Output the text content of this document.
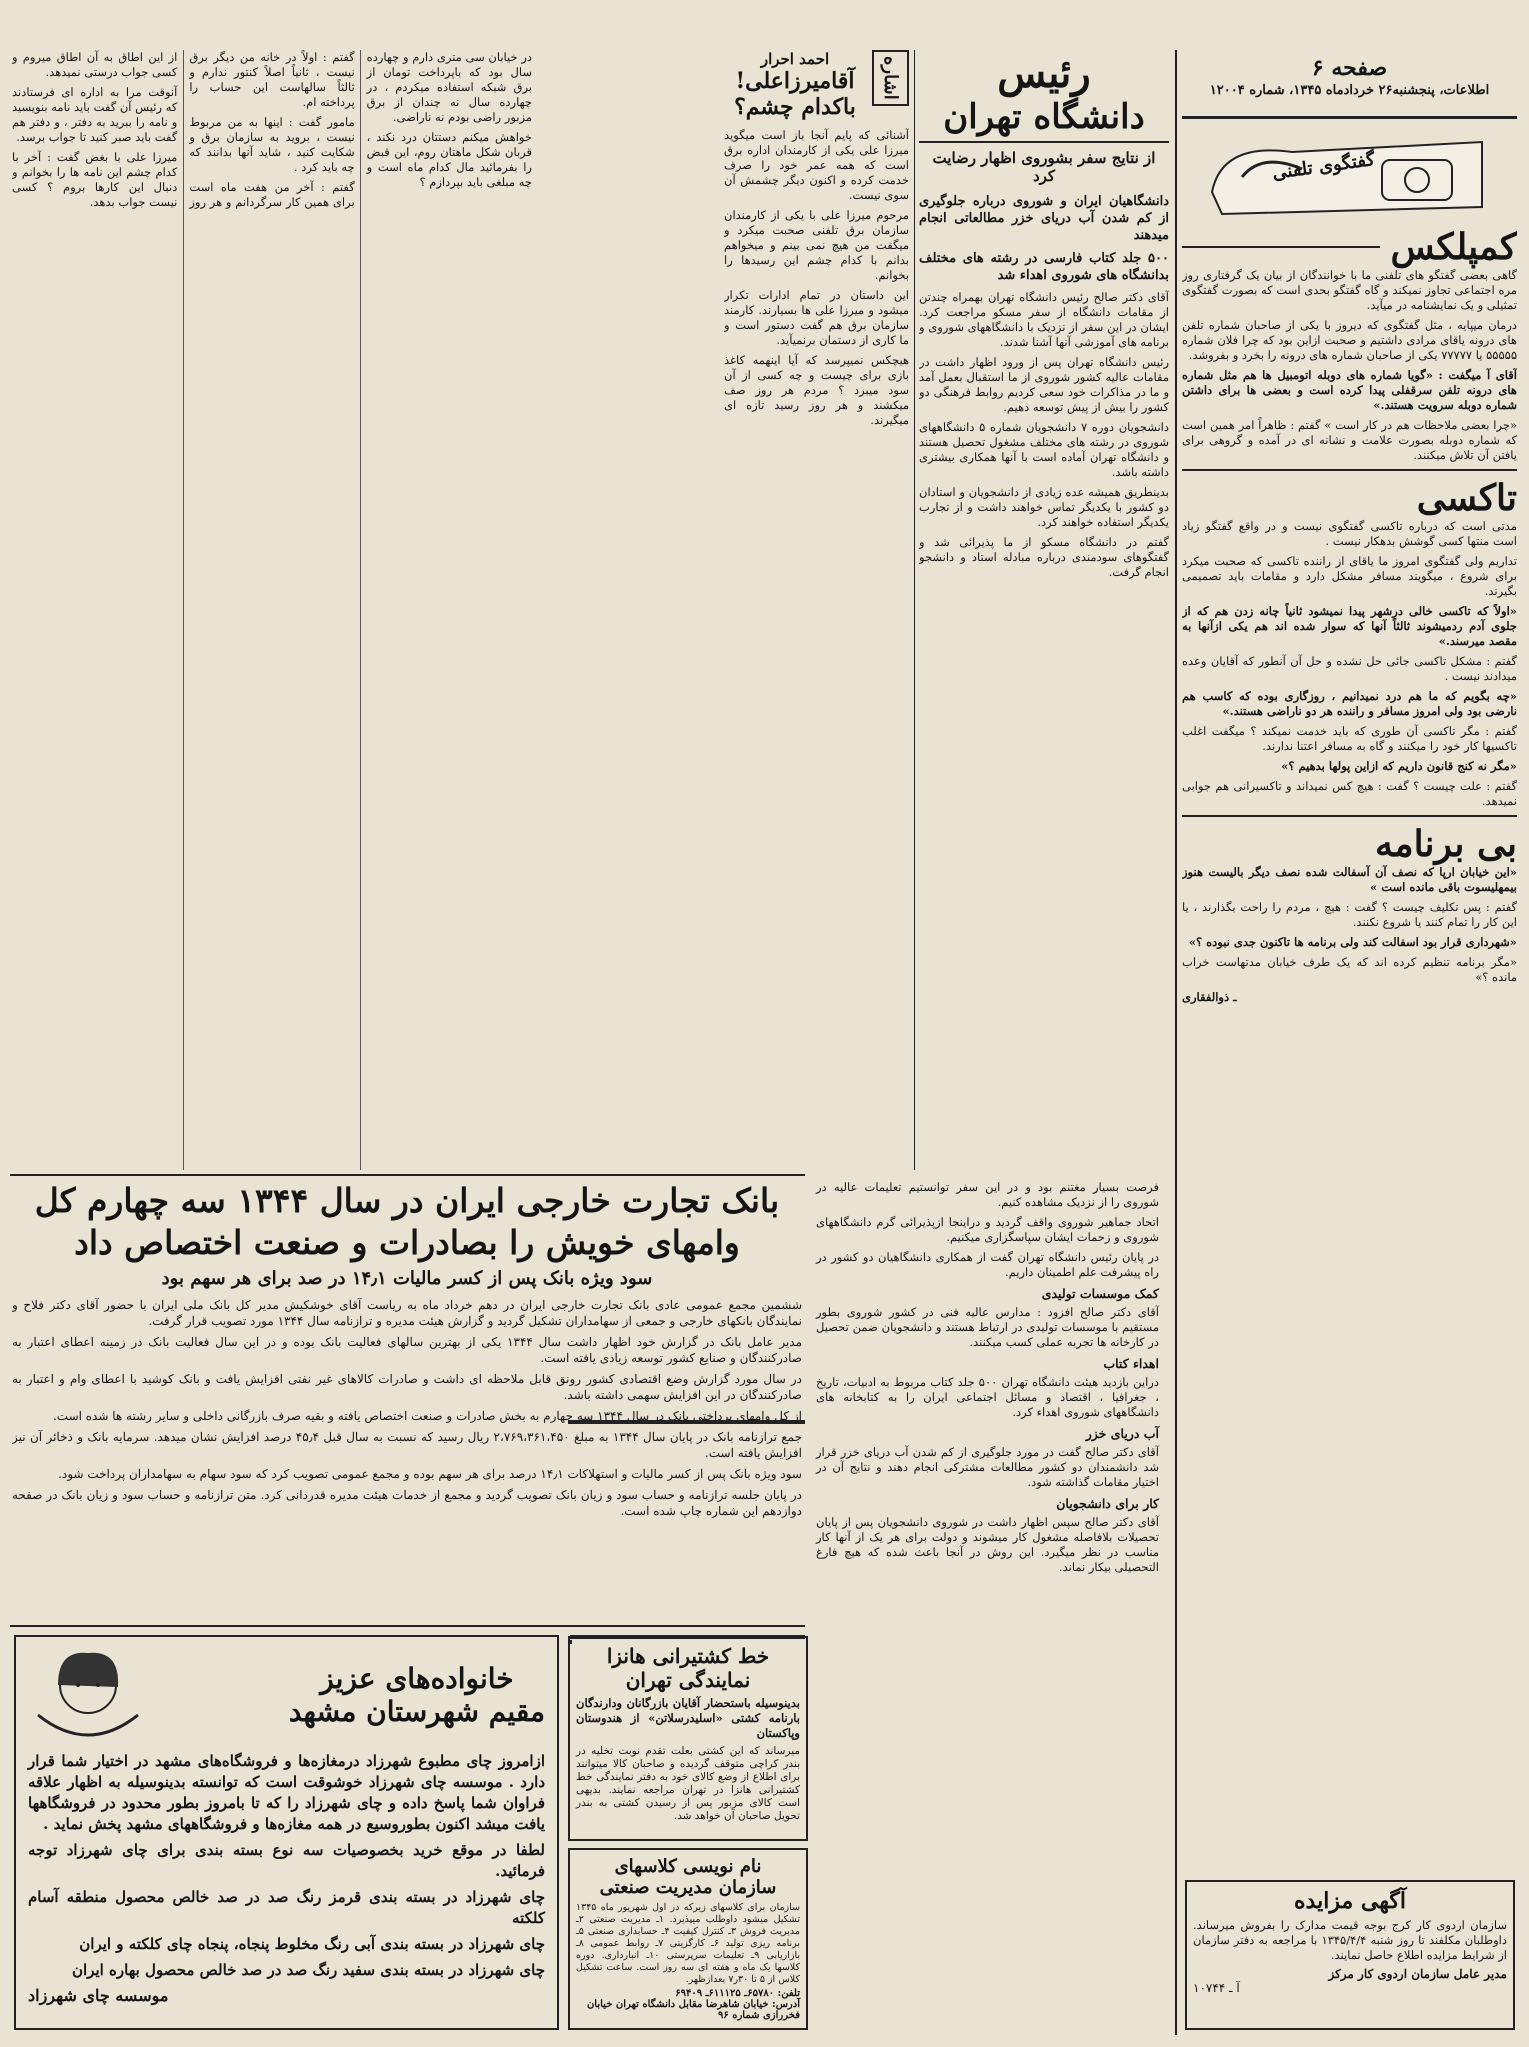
صفحه ۶
اطلاعات، پنجشنبه۲۶ خردادماه ۱۳۴۵، شماره ۱۲۰۰۴
گفتگوی تلفنی
کمپلکس

گاهی بعضی گفتگو های تلفنی ما با خوانندگان از بیان یک گرفتاری روز مره اجتماعی تجاوز نمیکند و گاه گفتگو بحدی است که بصورت گفتگوی تمثیلی و یک نمایشنامه در میآید.

درمان میپایه ، مثل گفتگوی که دیروز با یکی از صاحبان شماره تلفن های درونه یاقای مرادی داشتیم و صحبت ازاین بود که چرا فلان شماره ۵۵۵۵۵ یا ۷۷۷۷۷ یکی از صاحبان شماره های درونه را بخرد و بفروشد.

آقای آ میگفت : «گویا شماره های دوبله اتومبیل ها هم مثل شماره های درونه تلفن سرقفلی پیدا کرده است و بعضی ها برای داشتن شماره دوبله سرویت هستند.»

«چرا بعضی ملاحظات هم در کار است » گفتم : ظاهراً امر همین است که شماره دوبله بصورت علامت و نشانه ای در آمده و گروهی برای یافتن آن تلاش میکنند.

تاکسی

مدتی است که درباره تاکسی گفتگوی نیست و در واقع گفتگو زیاد است منتها کسی گوشش بدهکار نیست .

تداریم ولی گفتگوی امروز ما یاقای از راننده تاکسی که صحبت میکرد برای شروع ، میگویند مسافر مشکل دارد و مقامات باید تصمیمی بگیرند.

«اولاً که تاکسی خالی درشهر پیدا نمیشود ثانیاً چانه زدن هم که از جلوی آدم ردمیشوند ثالثاً آنها که سوار شده اند هم یکی ازآنها به مقصد میرسند.»

گفتم : مشکل تاکسی جائی حل نشده و حل آن آنطور که آقایان وعده میدادند نیست .

«چه بگویم که ما هم درد نمیدانیم ، روزگاری بوده که کاسب هم نارضی بود ولی امروز مسافر و راننده هر دو ناراضی هستند.»

گفتم : مگر تاکسی آن طوری که باید خدمت نمیکند ؟ میگفت اغلب تاکسیها کار خود را میکنند و گاه به مسافر اعتنا ندارند.

«مگر نه کنج قانون داریم که ازاین پولها بدهیم ؟»

گفتم : علت چیست ؟ گفت : هیچ کس نمیداند و تاکسیرانی هم جوابی نمیدهد.

بی برنامه

«این خیابان ارپا که نصف آن آسفالت شده نصف دیگر بالیست هنوز بیمهلیسوت باقی مانده است »

گفتم : پس تکلیف چیست ؟ گفت : هیچ ، مردم را راحت بگذارند ، یا این کار را تمام کنند یا شروع نکنند.

«شهرداری قرار بود اسفالت کند ولی برنامه ها تاکنون جدی نبوده ؟»

«مگر برنامه تنظیم کرده اند که یک طرف خیابان مدتهاست خراب مانده ؟»

ـ ذوالفقاری

آگهی مزایده
سازمان اردوی کار کرج بوجه قیمت مدارک را بفروش میرساند. داوطلبان مکلفند تا روز شنبه ۱۳۴۵/۴/۴ با مراجعه به دفتر سازمان از شرایط مزایده اطلاع حاصل نمایند.
مدیر عامل سازمان اردوی کار مرکز
آ ـ ۱۰۷۴۴
رئیس
دانشگاه تهران
از نتایج سفر بشوروی اظهار رضایت کرد
دانشگاهیان ایران و شوروی درباره جلوگیری از کم شدن آب دریای خزر مطالعاتی انجام میدهند
۵۰۰ جلد کتاب فارسی در رشته های مختلف بدانشگاه های شوروی اهداء شد

آقای دکتر صالح رئیس دانشگاه تهران بهمراه چندتن از مقامات دانشگاه از سفر مسکو مراجعت کرد. ایشان در این سفر از نزدیک با دانشگاههای شوروی و برنامه های آموزشی آنها آشنا شدند.

رئیس دانشگاه تهران پس از ورود اظهار داشت در مقامات عالیه کشور شوروی از ما استقبال بعمل آمد و ما در مذاکرات خود سعی کردیم روابط فرهنگی دو کشور را بیش از پیش توسعه دهیم.

دانشجویان دوره ۷ دانشجویان شماره ۵ دانشگاههای شوروی در رشته های مختلف مشغول تحصیل هستند و دانشگاه تهران آماده است با آنها همکاری بیشتری داشته باشد.

بدینطریق همیشه عده زیادی از دانشجویان و استادان دو کشور با یکدیگر تماس خواهند داشت و از تجارب یکدیگر استفاده خواهند کرد.

گفتم در دانشگاه مسکو از ما پذیرائی شد و گفتگوهای سودمندی درباره مبادله استاد و دانشجو انجام گرفت.

اشاره
احمد احرار
آقامیرزاعلی!
باکدام چشم؟

آشنائی که پایم آنجا باز است میگوید میرزا علی یکی از کارمندان اداره برق است که همه عمر خود را صرف خدمت کرده و اکنون دیگر چشمش آن سوی نیست.

مرحوم میرزا علی با یکی از کارمندان سازمان برق تلفنی صحبت میکرد و میگفت من هیچ نمی بینم و میخواهم بدانم با کدام چشم این رسیدها را بخوانم.

این داستان در تمام ادارات تکرار میشود و میرزا علی ها بسیارند. کارمند سازمان برق هم گفت دستور است و ما کاری از دستمان برنمیآید.

هیچکس نمیپرسد که آیا اینهمه کاغذ بازی برای چیست و چه کسی از آن سود میبرد ؟ مردم هر روز صف میکشند و هر روز رسید تازه ای میگیرند.

در خیابان سی متری دارم و چهارده سال بود که باپرداخت تومان از برق شبکه استفاده میکردم ، در چهارده سال نه چندان از برق مزبور راضی بودم نه ناراضی.

خواهش میکنم دستتان درد نکند ، قربان شکل ماهتان روم، این قبض را بفرمائید مال کدام ماه است و چه مبلغی باید بپردازم ؟

گفتم : اولاً در خانه من دیگر برق نیست ، ثانیاً اصلاً کنتور ندارم و ثالثاً سالهاست این حساب را پرداخته ام.

مامور گفت : اینها به من مربوط نیست ، بروید به سازمان برق و شکایت کنید ، شاید آنها بدانند که چه باید کرد .

گفتم : آخر من هفت ماه است برای همین کار سرگردانم و هر روز از این اطاق به آن اطاق میروم و کسی جواب درستی نمیدهد.

آنوقت مرا به اداره ای فرستادند که رئیس آن گفت باید نامه بنویسید و نامه را ببرید به دفتر ، و دفتر هم گفت باید صبر کنید تا جواب برسد.

میرزا علی با بغض گفت : آخر با کدام چشم این نامه ها را بخوانم و دنبال این کارها بروم ؟ کسی نیست جواب بدهد.

بانک تجارت خارجی ایران در سال ۱۳۴۴ سه چهارم کل
وامهای خویش را بصادرات و صنعت اختصاص داد
سود ویژه بانک پس از کسر مالیات ۱۴٫۱ در صد برای هر سهم بود

ششمین مجمع عمومی عادی بانک تجارت خارجی ایران در دهم خرداد ماه به ریاست آقای خوشکیش مدیر کل بانک ملی ایران با حضور آقای دکتر فلاح و نمایندگان بانکهای خارجی و جمعی از سهامداران تشکیل گردید و گزارش هیئت مدیره و ترازنامه سال ۱۳۴۴ مورد تصویب قرار گرفت.

مدیر عامل بانک در گزارش خود اظهار داشت سال ۱۳۴۴ یکی از بهترین سالهای فعالیت بانک بوده و در این سال فعالیت بانک در زمینه اعطای اعتبار به صادرکنندگان و صنایع کشور توسعه زیادی یافته است.

در سال مورد گزارش وضع اقتصادی کشور رونق قابل ملاحظه ای داشت و صادرات کالاهای غیر نفتی افزایش یافت و بانک کوشید با اعطای وام و اعتبار به صادرکنندگان در این افزایش سهمی داشته باشد.

از کل وامهای پرداختی بانک در سال ۱۳۴۴ سه چهارم به بخش صادرات و صنعت اختصاص یافته و بقیه صرف بازرگانی داخلی و سایر رشته ها شده است.

جمع ترازنامه بانک در پایان سال ۱۳۴۴ به مبلغ ۲،۷۶۹،۳۶۱،۴۵۰ ریال رسید که نسبت به سال قبل ۴۵٫۴ درصد افزایش نشان میدهد. سرمایه بانک و ذخائر آن نیز افزایش یافته است.

سود ویژه بانک پس از کسر مالیات و استهلاکات ۱۴٫۱ درصد برای هر سهم بوده و مجمع عمومی تصویب کرد که سود سهام به سهامداران پرداخت شود.

در پایان جلسه ترازنامه و حساب سود و زیان بانک تصویب گردید و مجمع از خدمات هیئت مدیره قدردانی کرد. متن ترازنامه و حساب سود و زیان بانک در صفحه دوازدهم این شماره چاپ شده است.

فرصت بسیار مغتنم بود و در این سفر توانستیم تعلیمات عالیه در شوروی را از نزدیک مشاهده کنیم.

اتحاد جماهیر شوروی واقف گردید و دراینجا ازپذیرائی گرم دانشگاههای شوروی و زحمات ایشان سپاسگزاری میکنیم.

در پایان رئیس دانشگاه تهران گفت از همکاری دانشگاهیان دو کشور در راه پیشرفت علم اطمینان داریم.

کمک موسسات تولیدی
آقای دکتر صالح افزود : مدارس عالیه فنی در کشور شوروی بطور مستقیم با موسسات تولیدی در ارتباط هستند و دانشجویان ضمن تحصیل در کارخانه ها تجربه عملی کسب میکنند.
اهداء کتاب
دراین بازدید هیئت دانشگاه تهران ۵۰۰ جلد کتاب مربوط به ادبیات، تاریخ ، جغرافیا ، اقتصاد و مسائل اجتماعی ایران را به کتابخانه های دانشگاههای شوروی اهداء کرد.
آب دریای خزر
آقای دکتر صالح گفت در مورد جلوگیری از کم شدن آب دریای خزر قرار شد دانشمندان دو کشور مطالعات مشترکی انجام دهند و نتایج آن در اختیار مقامات گذاشته شود.
کار برای دانشجویان
آقای دکتر صالح سپس اظهار داشت در شوروی دانشجویان پس از پایان تحصیلات بلافاصله مشغول کار میشوند و دولت برای هر یک از آنها کار مناسب در نظر میگیرد. این روش در آنجا باعث شده که هیچ فارغ التحصیلی بیکار نماند.
خانواده‌های عزیز
مقیم شهرستان مشهد

ازامروز چای مطبوع شهرزاد درمغازه‌ها و فروشگاه‌های مشهد در اختیار شما قرار دارد . موسسه چای شهرزاد خوشوقت است که توانسته بدینوسیله به اظهار علاقه فراوان شما پاسخ داده و چای شهرزاد را که تا بامروز بطور محدود در فروشگاهها یافت میشد اکنون بطوروسیع در همه مغازه‌ها و فروشگاههای مشهد پخش نماید .

لطفا در موقع خرید بخصوصیات سه نوع بسته بندی برای چای شهرزاد توجه فرمائید.

چای شهرزاد در بسته بندی قرمز رنگ صد در صد خالص محصول منطقه آسام کلکته

چای شهرزاد در بسته بندی آبی رنگ مخلوط پنجاه، پنجاه چای کلکته و ایران

چای شهرزاد در بسته بندی سفید رنگ صد در صد خالص محصول بهاره ایران

موسسه چای شهرزاد
خط کشتیرانی هانزا
نمایندگی تهران
بدینوسیله باستحضار آقایان بازرگانان ودارندگان بارنامه کشتی «اسلیدرسلاتن» از هندوستان وپاکستان
میرساند که این کشتی بعلت تقدم نوبت تخلیه در بندر کراچی متوقف گردیده و صاحبان کالا میتوانند برای اطلاع از وضع کالای خود به دفتر نمایندگی خط کشتیرانی هانزا در تهران مراجعه نمایند. بدیهی است کالای مزبور پس از رسیدن کشتی به بندر تحویل صاحبان آن خواهد شد.
نام نویسی کلاسهای
سازمان مدیریت صنعتی
سازمان برای کلاسهای زیرکه در اول شهریور ماه ۱۳۴۵ تشکیل میشود داوطلب میپذیرد. ۱ـ مدیریت صنعتی ۲ـ مدیریت فروش ۳ـ کنترل کیفیت ۴ـ حسابداری صنعتی ۵ـ برنامه ریزی تولید ۶ـ کارگزینی ۷ـ روابط عمومی ۸ـ بازاریابی ۹ـ تعلیمات سرپرستی ۱۰ـ انبارداری. دوره کلاسها یک ماه و هفته ای سه روز است. ساعت تشکیل کلاس از ۵ تا ۳۰ر۷ بعدازظهر.
تلفن: ۶۵۷۸۰ـ ۶۱۱۱۲۵ـ ۶۹۴۰۹
آدرس: خیابان شاهرضا مقابل دانشگاه تهران خیابان فخررازی شماره ۹۶
